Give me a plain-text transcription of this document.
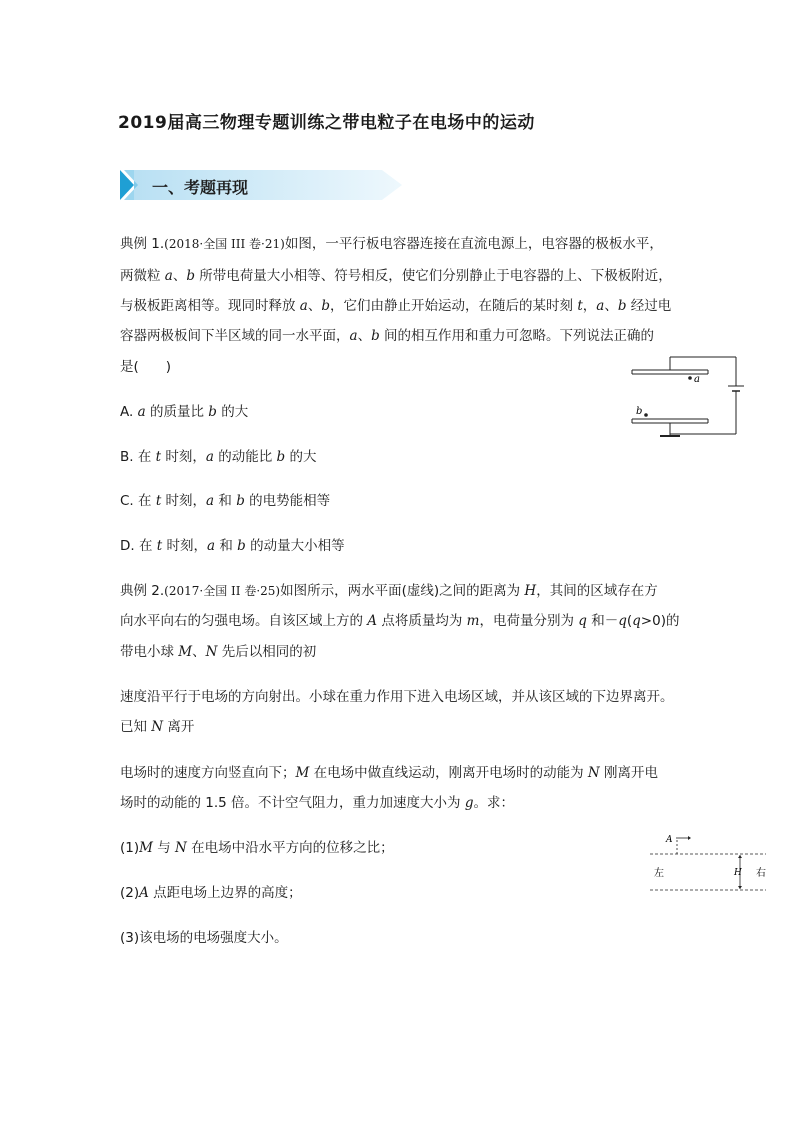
2019届高三物理专题训练之带电粒子在电场中的运动
一、考题再现
典例 1.(2018·全国 III 卷·21)如图，一平行板电容器连接在直流电源上，电容器的极板水平，
两微粒 a、b 所带电荷量大小相等、符号相反，使它们分别静止于电容器的上、下极板附近，
与极板距离相等。现同时释放 a、b，它们由静止开始运动，在随后的某时刻 t，a、b 经过电
容器两极板间下半区域的同一水平面，a、b 间的相互作用和重力可忽略。下列说法正确的
是(　　)
A. a 的质量比 b 的大
B. 在 t 时刻，a 的动能比 b 的大
C. 在 t 时刻，a 和 b 的电势能相等
D. 在 t 时刻，a 和 b 的动量大小相等
a
b
典例 2.(2017·全国 II 卷·25)如图所示，两水平面(虚线)之间的距离为 H，其间的区域存在方
向水平向右的匀强电场。自该区域上方的 A 点将质量均为 m，电荷量分别为 q 和－q(q>0)的
带电小球 M、N 先后以相同的初
速度沿平行于电场的方向射出。小球在重力作用下进入电场区域，并从该区域的下边界离开。
已知 N 离开
电场时的速度方向竖直向下；M 在电场中做直线运动，刚离开电场时的动能为 N 刚离开电
场时的动能的 1.5 倍。不计空气阻力，重力加速度大小为 g。求：
(1)M 与 N 在电场中沿水平方向的位移之比；
(2)A 点距电场上边界的高度；
(3)该电场的电场强度大小。
A
H
左	右
